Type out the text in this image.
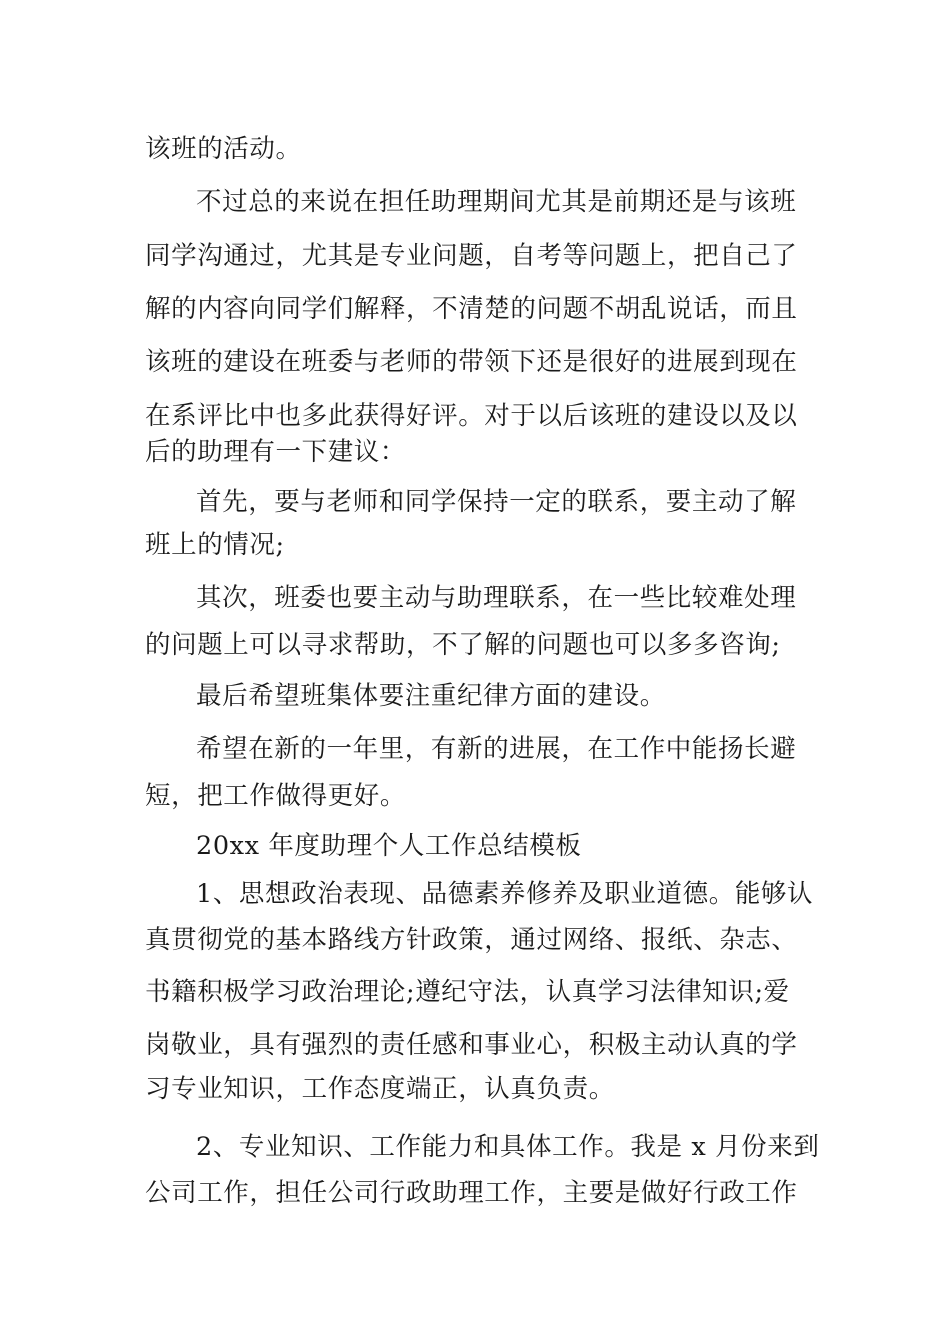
该班的活动。
不过总的来说在担任助理期间尤其是前期还是与该班
同学沟通过，尤其是专业问题，自考等问题上，把自己了
解的内容向同学们解释，不清楚的问题不胡乱说话，而且
该班的建设在班委与老师的带领下还是很好的进展到现在
在系评比中也多此获得好评。对于以后该班的建设以及以
后的助理有一下建议：
首先，要与老师和同学保持一定的联系，要主动了解
班上的情况;
其次，班委也要主动与助理联系，在一些比较难处理
的问题上可以寻求帮助，不了解的问题也可以多多咨询;
最后希望班集体要注重纪律方面的建设。
希望在新的一年里，有新的进展，在工作中能扬长避
短，把工作做得更好。
20xx 年度助理个人工作总结模板
1、思想政治表现、品德素养修养及职业道德。能够认
真贯彻党的基本路线方针政策，通过网络、报纸、杂志、
书籍积极学习政治理论;遵纪守法，认真学习法律知识;爱
岗敬业，具有强烈的责任感和事业心，积极主动认真的学
习专业知识，工作态度端正，认真负责。
2、专业知识、工作能力和具体工作。我是 x 月份来到
公司工作，担任公司行政助理工作，主要是做好行政工作
